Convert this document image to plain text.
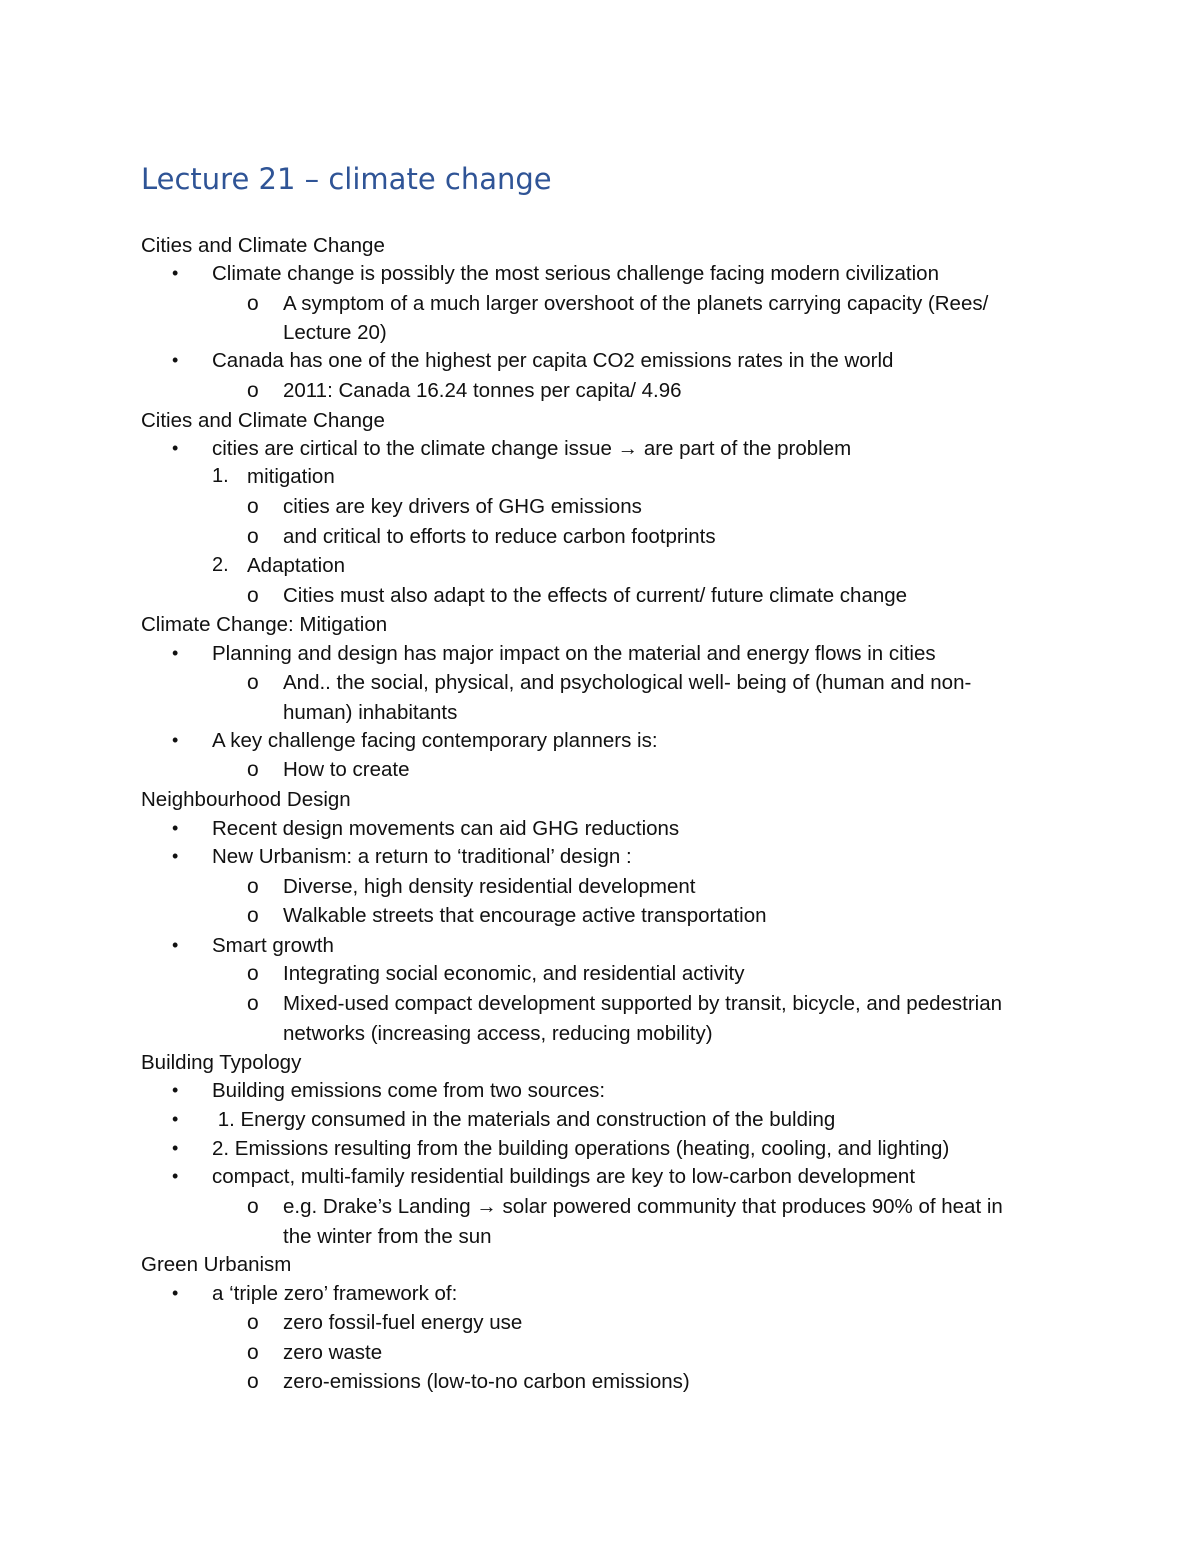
Lecture 21 – climate change
Cities and Climate Change
• Climate change is possibly the most serious challenge facing modern civilization
o A symptom of a much larger overshoot of the planets carrying capacity (Rees/
Lecture 20)
• Canada has one of the highest per capita CO2 emissions rates in the world
o 2011: Canada 16.24 tonnes per capita/ 4.96
Cities and Climate Change
• cities are cirtical to the climate change issue → are part of the problem
1. mitigation
o cities are key drivers of GHG emissions
o and critical to efforts to reduce carbon footprints
2. Adaptation
o Cities must also adapt to the effects of current/ future climate change
Climate Change: Mitigation
• Planning and design has major impact on the material and energy flows in cities
o And.. the social, physical, and psychological well- being of (human and non-
human) inhabitants
• A key challenge facing contemporary planners is:
o How to create
Neighbourhood Design
• Recent design movements can aid GHG reductions
• New Urbanism: a return to ‘traditional’ design :
o Diverse, high density residential development
o Walkable streets that encourage active transportation
• Smart growth
o Integrating social economic, and residential activity
o Mixed-used compact development supported by transit, bicycle, and pedestrian
networks (increasing access, reducing mobility)
Building Typology
• Building emissions come from two sources:
• 1. Energy consumed in the materials and construction of the bulding
• 2. Emissions resulting from the building operations (heating, cooling, and lighting)
• compact, multi-family residential buildings are key to low-carbon development
o e.g. Drake’s Landing → solar powered community that produces 90% of heat in
the winter from the sun
Green Urbanism
• a ‘triple zero’ framework of:
o zero fossil-fuel energy use
o zero waste
o zero-emissions (low-to-no carbon emissions)
